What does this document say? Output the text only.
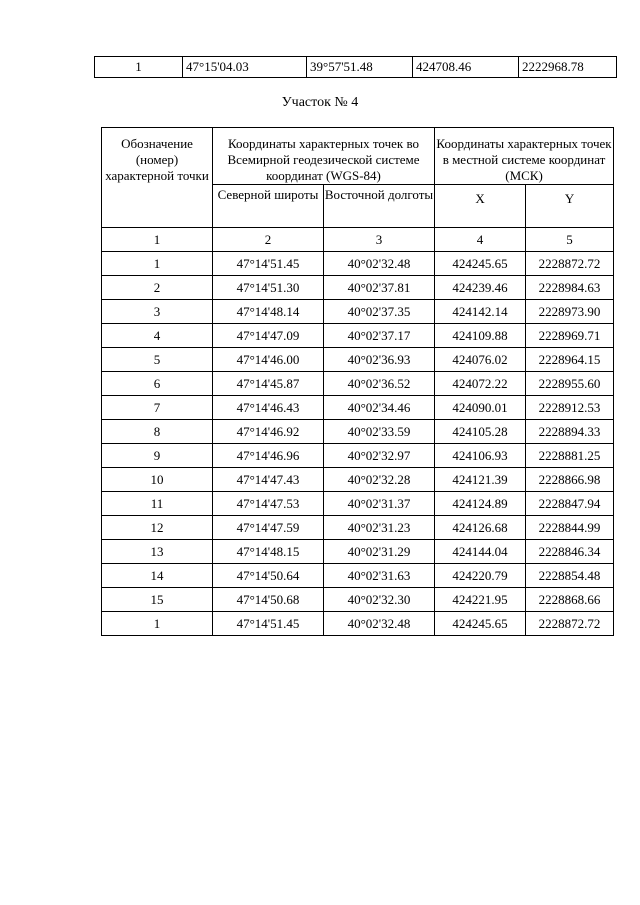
1	47°15'04.03	39°57'51.48	424708.46	2222968.78
Участок № 4
Обозначение (номер) характерной точки	Координаты характерных точек во Всемирной геодезической системе координат (WGS-84)		Координаты характерных точек в местной системе координат (МСК)	
	Северной широты	Восточной долготы	X	Y
1	2	3	4	5
1	47°14'51.45	40°02'32.48	424245.65	2228872.72
2	47°14'51.30	40°02'37.81	424239.46	2228984.63
3	47°14'48.14	40°02'37.35	424142.14	2228973.90
4	47°14'47.09	40°02'37.17	424109.88	2228969.71
5	47°14'46.00	40°02'36.93	424076.02	2228964.15
6	47°14'45.87	40°02'36.52	424072.22	2228955.60
7	47°14'46.43	40°02'34.46	424090.01	2228912.53
8	47°14'46.92	40°02'33.59	424105.28	2228894.33
9	47°14'46.96	40°02'32.97	424106.93	2228881.25
10	47°14'47.43	40°02'32.28	424121.39	2228866.98
11	47°14'47.53	40°02'31.37	424124.89	2228847.94
12	47°14'47.59	40°02'31.23	424126.68	2228844.99
13	47°14'48.15	40°02'31.29	424144.04	2228846.34
14	47°14'50.64	40°02'31.63	424220.79	2228854.48
15	47°14'50.68	40°02'32.30	424221.95	2228868.66
1	47°14'51.45	40°02'32.48	424245.65	2228872.72
